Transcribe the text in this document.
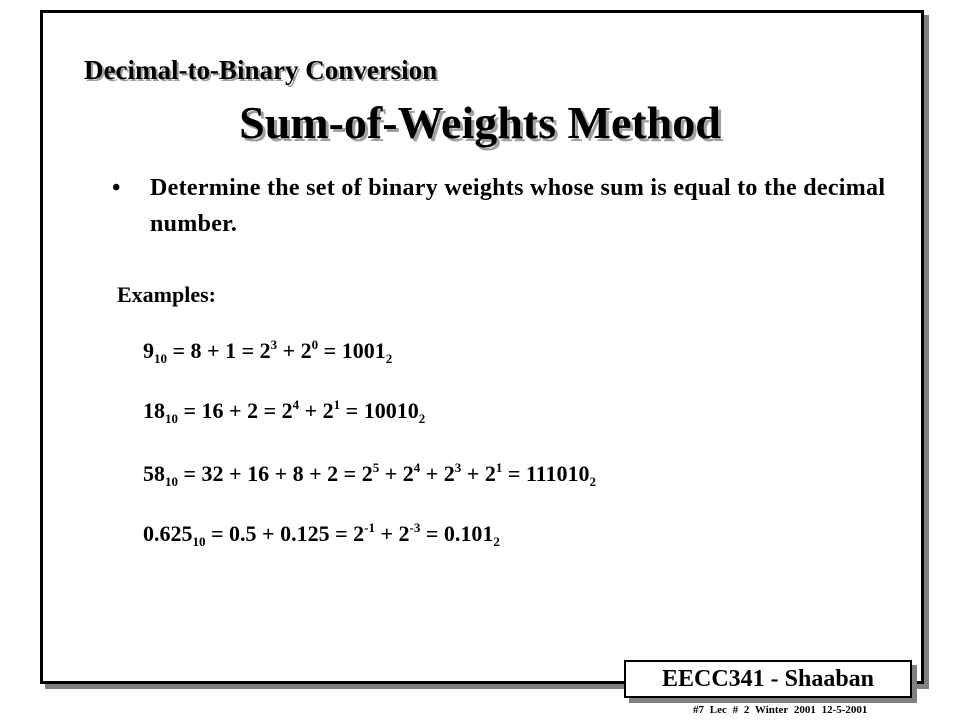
Decimal-to-Binary Conversion
Sum-of-Weights Method
• Determine the set of binary weights whose sum is equal to the decimal number.
Examples:
$9_{10} = 8 + 1 = 2^3 + 2^0 = 1001_2$
$18_{10} = 16 + 2 = 2^4 + 2^1 = 10010_2$
$58_{10} = 32 + 16 + 8 + 2 = 2^5 + 2^4 + 2^3 + 2^1 = 111010_2$
$0.625_{10} = 0.5 + 0.125 = 2^{-1} + 2^{-3} = 0.101_2$
EECC341 - Shaaban
#7 Lec # 2 Winter 2001 12-5-2001
